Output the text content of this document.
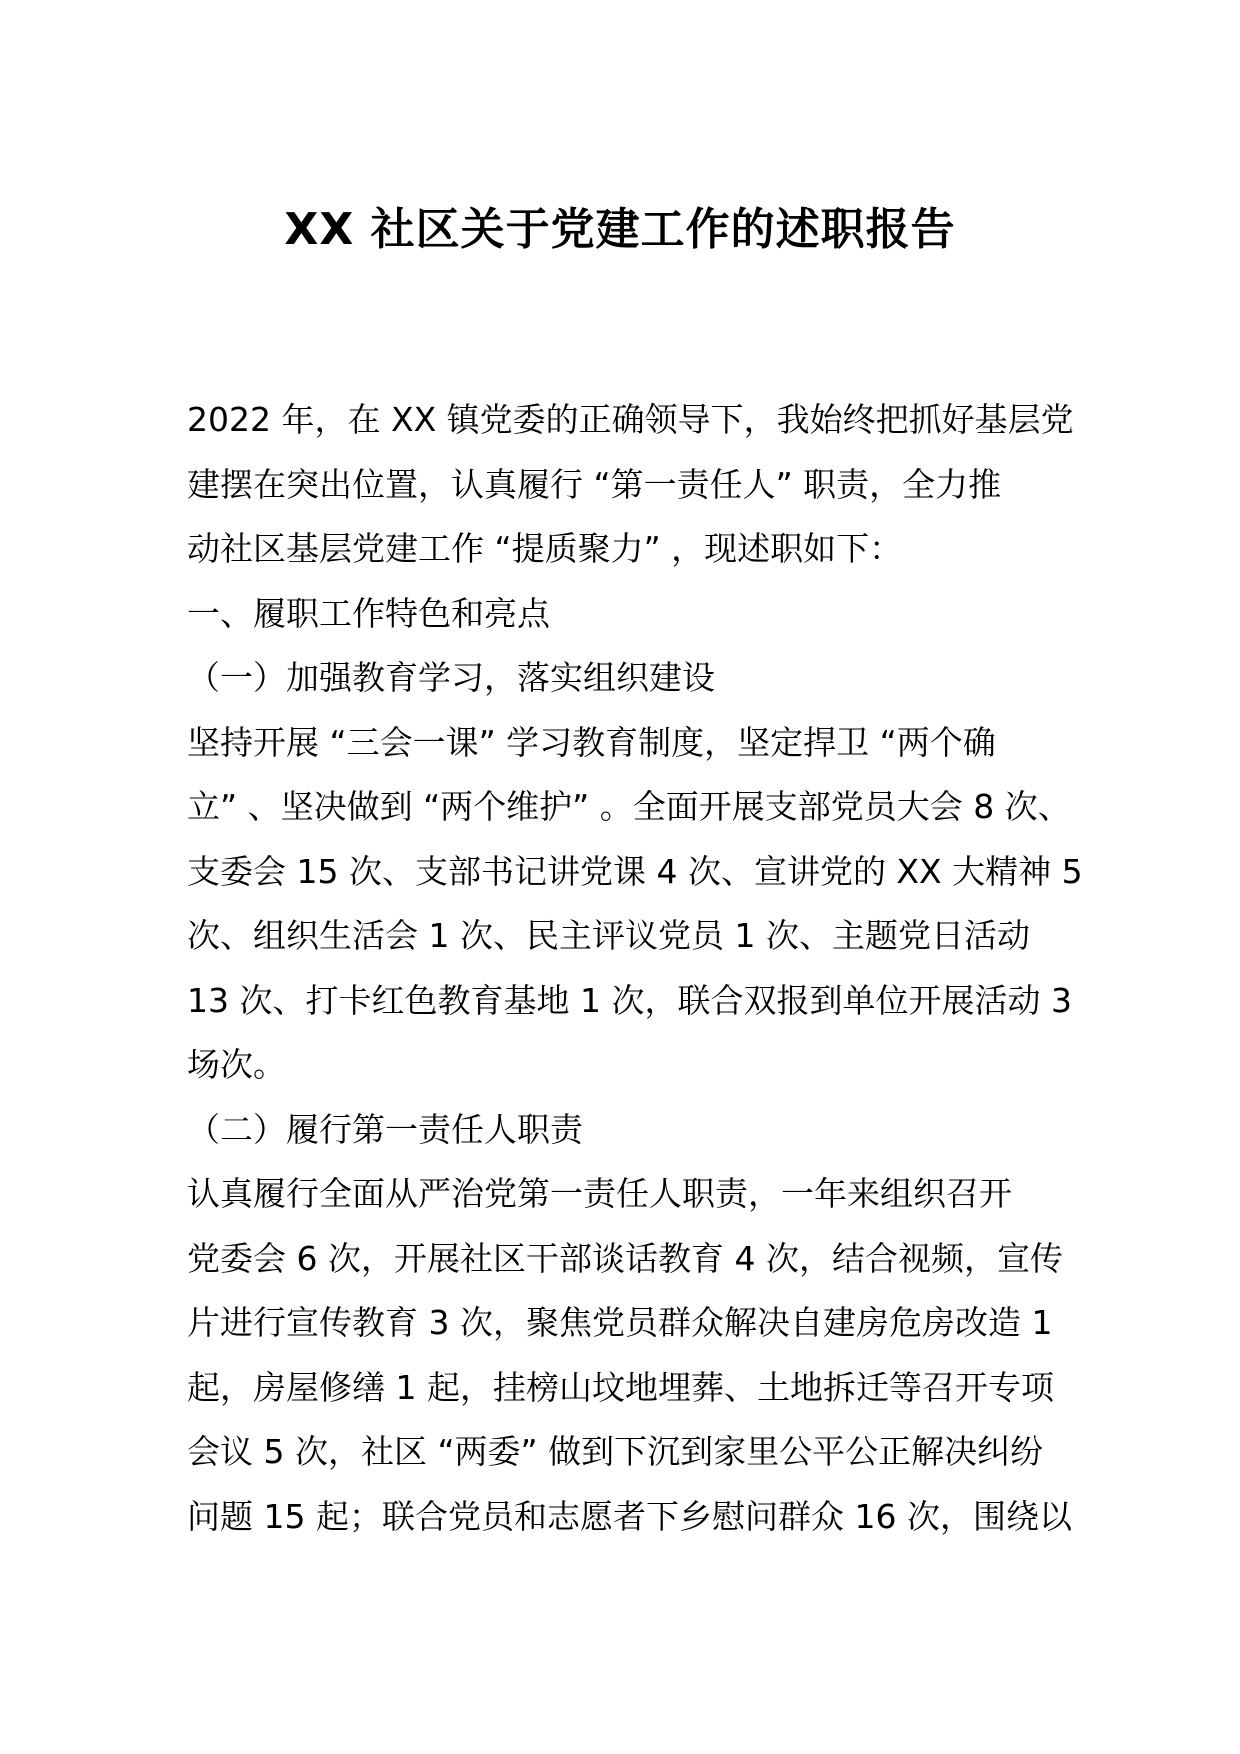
XX 社区关于党建工作的述职报告
2022 年，在 XX 镇党委的正确领导下，我始终把抓好基层党
建摆在突出位置，认真履行 “第一责任人” 职责，全力推
动社区基层党建工作 “提质聚力” ，现述职如下：
一、履职工作特色和亮点
（一）加强教育学习，落实组织建设
坚持开展 “三会一课” 学习教育制度，坚定捍卫 “两个确
立” 、坚决做到 “两个维护” 。全面开展支部党员大会 8 次、
支委会 15 次、支部书记讲党课 4 次、宣讲党的 XX 大精神 5
次、组织生活会 1 次、民主评议党员 1 次、主题党日活动
13 次、打卡红色教育基地 1 次，联合双报到单位开展活动 3
场次。
（二）履行第一责任人职责
认真履行全面从严治党第一责任人职责，一年来组织召开
党委会 6 次，开展社区干部谈话教育 4 次，结合视频，宣传
片进行宣传教育 3 次，聚焦党员群众解决自建房危房改造 1
起，房屋修缮 1 起，挂榜山坟地埋葬、土地拆迁等召开专项
会议 5 次，社区 “两委” 做到下沉到家里公平公正解决纠纷
问题 15 起；联合党员和志愿者下乡慰问群众 16 次，围绕以
